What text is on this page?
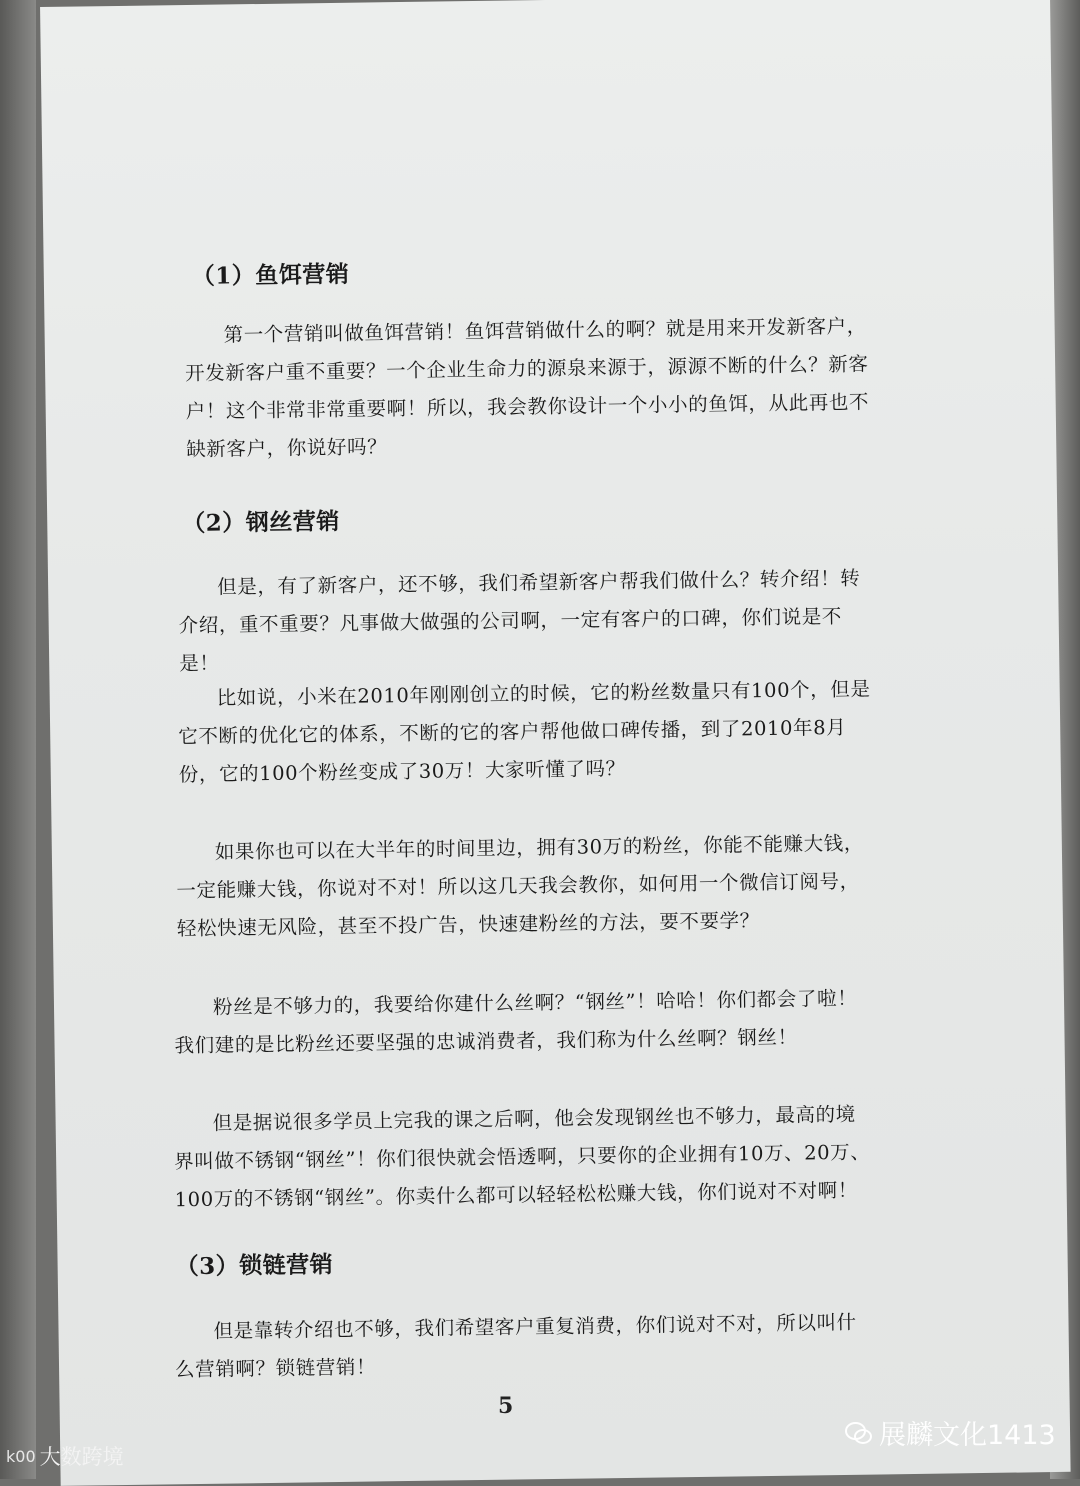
（1）鱼饵营销

第一个营销叫做鱼饵营销！鱼饵营销做什么的啊？就是用来开发新客户，开发新客户重不重要？一个企业生命力的源泉来源于，源源不断的什么？新客户！这个非常非常重要啊！所以，我会教你设计一个小小的鱼饵，从此再也不缺新客户，你说好吗？

（2）钢丝营销

但是，有了新客户，还不够，我们希望新客户帮我们做什么？转介绍！转介绍，重不重要？凡事做大做强的公司啊，一定有客户的口碑，你们说是不是！

比如说，小米在2010年刚刚创立的时候，它的粉丝数量只有100个，但是它不断的优化它的体系，不断的它的客户帮他做口碑传播，到了2010年8月份，它的100个粉丝变成了30万！大家听懂了吗？

如果你也可以在大半年的时间里边，拥有30万的粉丝，你能不能赚大钱，一定能赚大钱，你说对不对！所以这几天我会教你，如何用一个微信订阅号，轻松快速无风险，甚至不投广告，快速建粉丝的方法，要不要学？

粉丝是不够力的，我要给你建什么丝啊？“钢丝”！哈哈！你们都会了啦！我们建的是比粉丝还要坚强的忠诚消费者，我们称为什么丝啊？钢丝！

但是据说很多学员上完我的课之后啊，他会发现钢丝也不够力，最高的境界叫做不锈钢“钢丝”！你们很快就会悟透啊，只要你的企业拥有10万、20万、100万的不锈钢“钢丝”。你卖什么都可以轻轻松松赚大钱，你们说对不对啊！

（3）锁链营销

但是靠转介绍也不够，我们希望客户重复消费，你们说对不对，所以叫什么营销啊？锁链营销！

5
k00 大数跨境
展麟文化1413
